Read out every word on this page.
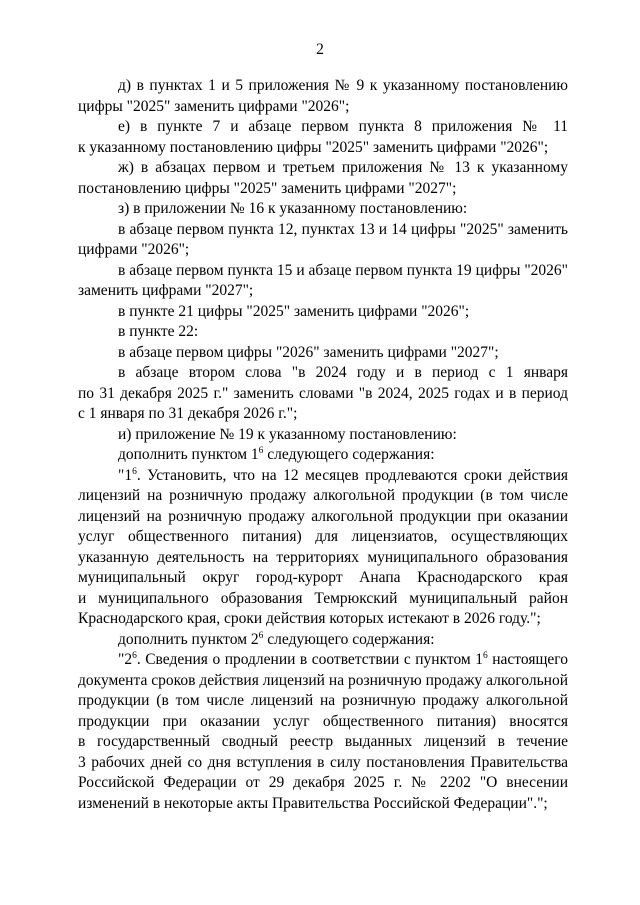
2
д) в пунктах 1 и 5 приложения № 9 к указанному постановлению
цифры "2025" заменить цифрами "2026";
е) в пункте 7 и абзаце первом пункта 8 приложения № 11
к указанному постановлению цифры "2025" заменить цифрами "2026";
ж) в абзацах первом и третьем приложения № 13 к указанному
постановлению цифры "2025" заменить цифрами "2027";
з) в приложении № 16 к указанному постановлению:
в абзаце первом пункта 12, пунктах 13 и 14 цифры "2025" заменить
цифрами "2026";
в абзаце первом пункта 15 и абзаце первом пункта 19 цифры "2026"
заменить цифрами "2027";
в пункте 21 цифры "2025" заменить цифрами "2026";
в пункте 22:
в абзаце первом цифры "2026" заменить цифрами "2027";
в абзаце втором слова "в 2024 году и в период с 1 января
по 31 декабря 2025 г." заменить словами "в 2024, 2025 годах и в период
с 1 января по 31 декабря 2026 г.";
и) приложение № 19 к указанному постановлению:
дополнить пунктом $1^6$ следующего содержания:
"$1^6$. Установить, что на 12 месяцев продлеваются сроки действия
лицензий на розничную продажу алкогольной продукции (в том числе
лицензий на розничную продажу алкогольной продукции при оказании
услуг общественного питания) для лицензиатов, осуществляющих
указанную деятельность на территориях муниципального образования
муниципальный округ город-курорт Анапа Краснодарского края
и муниципального образования Темрюкский муниципальный район
Краснодарского края, сроки действия которых истекают в 2026 году.";
дополнить пунктом $2^6$ следующего содержания:
"$2^6$. Сведения о продлении в соответствии с пунктом $1^6$ настоящего
документа сроков действия лицензий на розничную продажу алкогольной
продукции (в том числе лицензий на розничную продажу алкогольной
продукции при оказании услуг общественного питания) вносятся
в государственный сводный реестр выданных лицензий в течение
3 рабочих дней со дня вступления в силу постановления Правительства
Российской Федерации от 29 декабря 2025 г. № 2202 "О внесении
изменений в некоторые акты Правительства Российской Федерации".";
